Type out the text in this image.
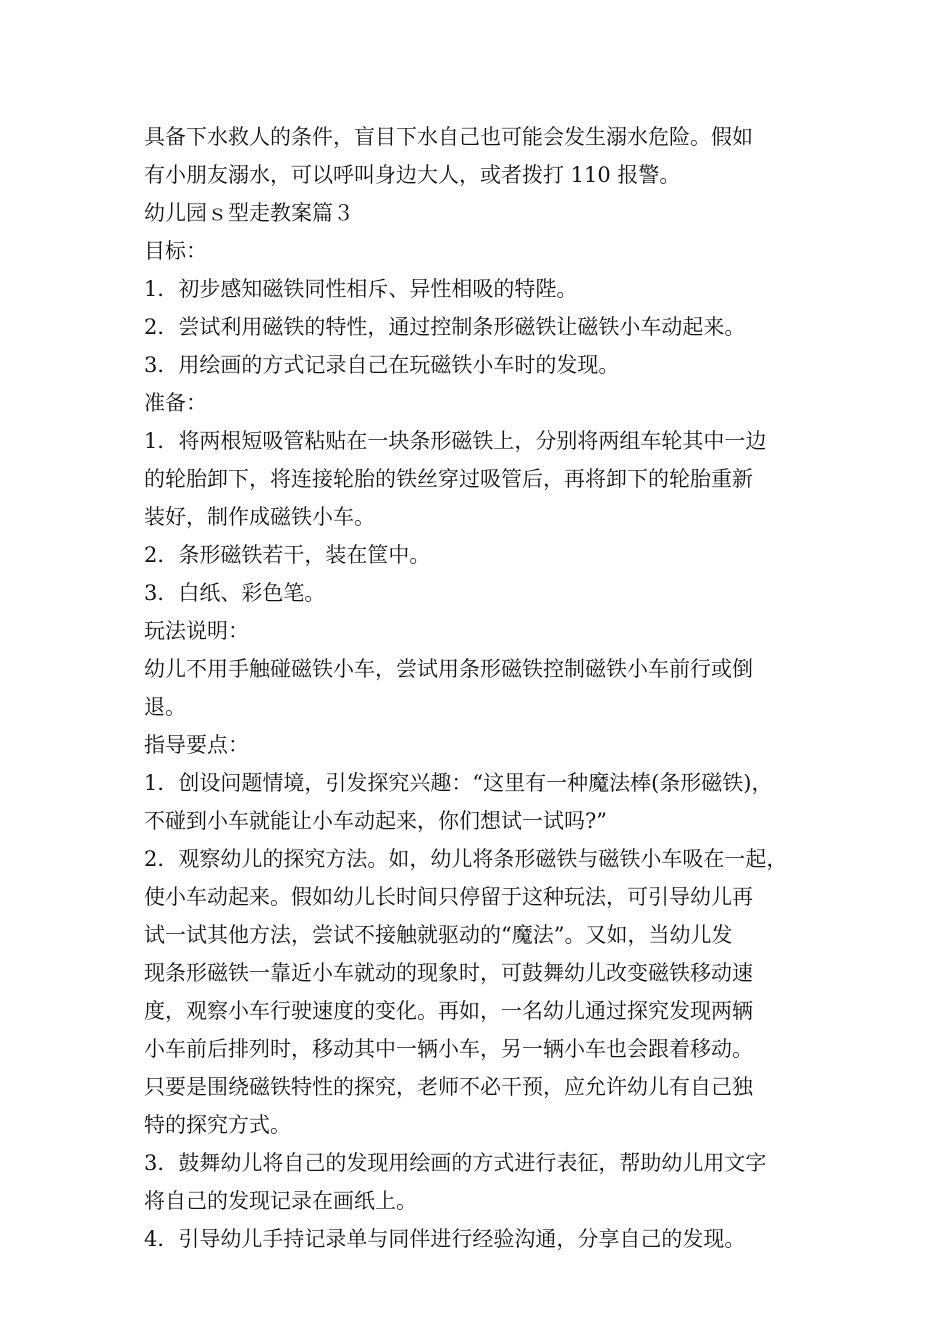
具备下水救人的条件，盲目下水自己也可能会发生溺水危险。假如
有小朋友溺水，可以呼叫身边大人，或者拨打 110 报警。
幼儿园ｓ型走教案篇３
目标：
1．初步感知磁铁同性相斥、异性相吸的特陛。
2．尝试利用磁铁的特性，通过控制条形磁铁让磁铁小车动起来。
3．用绘画的方式记录自己在玩磁铁小车时的发现。
准备：
1．将两根短吸管粘贴在一块条形磁铁上，分别将两组车轮其中一边
的轮胎卸下，将连接轮胎的铁丝穿过吸管后，再将卸下的轮胎重新
装好，制作成磁铁小车。
2．条形磁铁若干，装在筐中。
3．白纸、彩色笔。
玩法说明：
幼儿不用手触碰磁铁小车，尝试用条形磁铁控制磁铁小车前行或倒
退。
指导要点：
1．创设问题情境，引发探究兴趣：“这里有一种魔法棒(条形磁铁)，
不碰到小车就能让小车动起来，你们想试一试吗?”
2．观察幼儿的探究方法。如，幼儿将条形磁铁与磁铁小车吸在一起，
使小车动起来。假如幼儿长时间只停留于这种玩法，可引导幼儿再
试一试其他方法，尝试不接触就驱动的“魔法”。又如，当幼儿发
现条形磁铁一靠近小车就动的现象时，可鼓舞幼儿改变磁铁移动速
度，观察小车行驶速度的变化。再如，一名幼儿通过探究发现两辆
小车前后排列时，移动其中一辆小车，另一辆小车也会跟着移动。
只要是围绕磁铁特性的探究，老师不必干预，应允许幼儿有自己独
特的探究方式。
3．鼓舞幼儿将自己的发现用绘画的方式进行表征，帮助幼儿用文字
将自己的发现记录在画纸上。
4．引导幼儿手持记录单与同伴进行经验沟通，分享自己的发现。
